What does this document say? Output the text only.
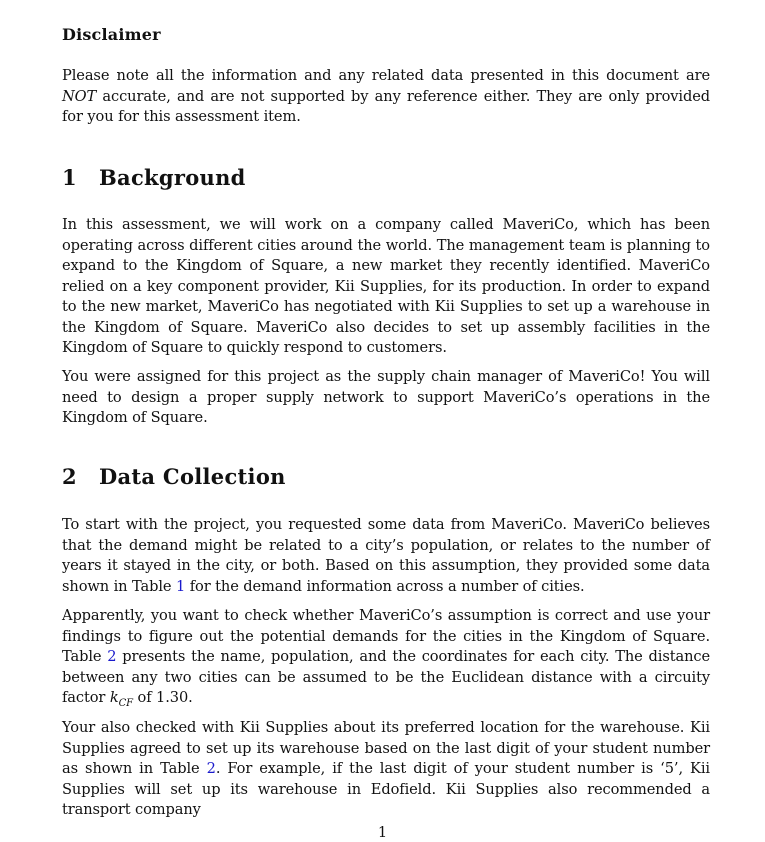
Disclaimer

Please note all the information and any related data presented in this document are NOT accurate, and are not supported by any reference either. They are only provided for you for this assessment item.

1 Background

In this assessment, we will work on a company called MaveriCo, which has been operating across different cities around the world. The management team is planning to expand to the Kingdom of Square, a new market they recently identified. MaveriCo relied on a key component provider, Kii Supplies, for its production. In order to expand to the new market, MaveriCo has negotiated with Kii Supplies to set up a warehouse in the Kingdom of Square. MaveriCo also decides to set up assembly facilities in the Kingdom of Square to quickly respond to customers.

You were assigned for this project as the supply chain manager of MaveriCo! You will need to design a proper supply network to support MaveriCo’s operations in the Kingdom of Square.

2 Data Collection

To start with the project, you requested some data from MaveriCo. MaveriCo believes that the demand might be related to a city’s population, or relates to the number of years it stayed in the city, or both. Based on this assumption, they provided some data shown in Table 1 for the demand information across a number of cities.

Apparently, you want to check whether MaveriCo’s assumption is correct and use your findings to figure out the potential demands for the cities in the Kingdom of Square. Table 2 presents the name, population, and the coordinates for each city. The distance between any two cities can be assumed to be the Euclidean distance with a circuity factor $k_{CF}$ of 1.30.

Your also checked with Kii Supplies about its preferred location for the warehouse. Kii Supplies agreed to set up its warehouse based on the last digit of your student number as shown in Table 2. For example, if the last digit of your student number is ‘5’, Kii Supplies will set up its warehouse in Edofield. Kii Supplies also recommended a transport company

1
